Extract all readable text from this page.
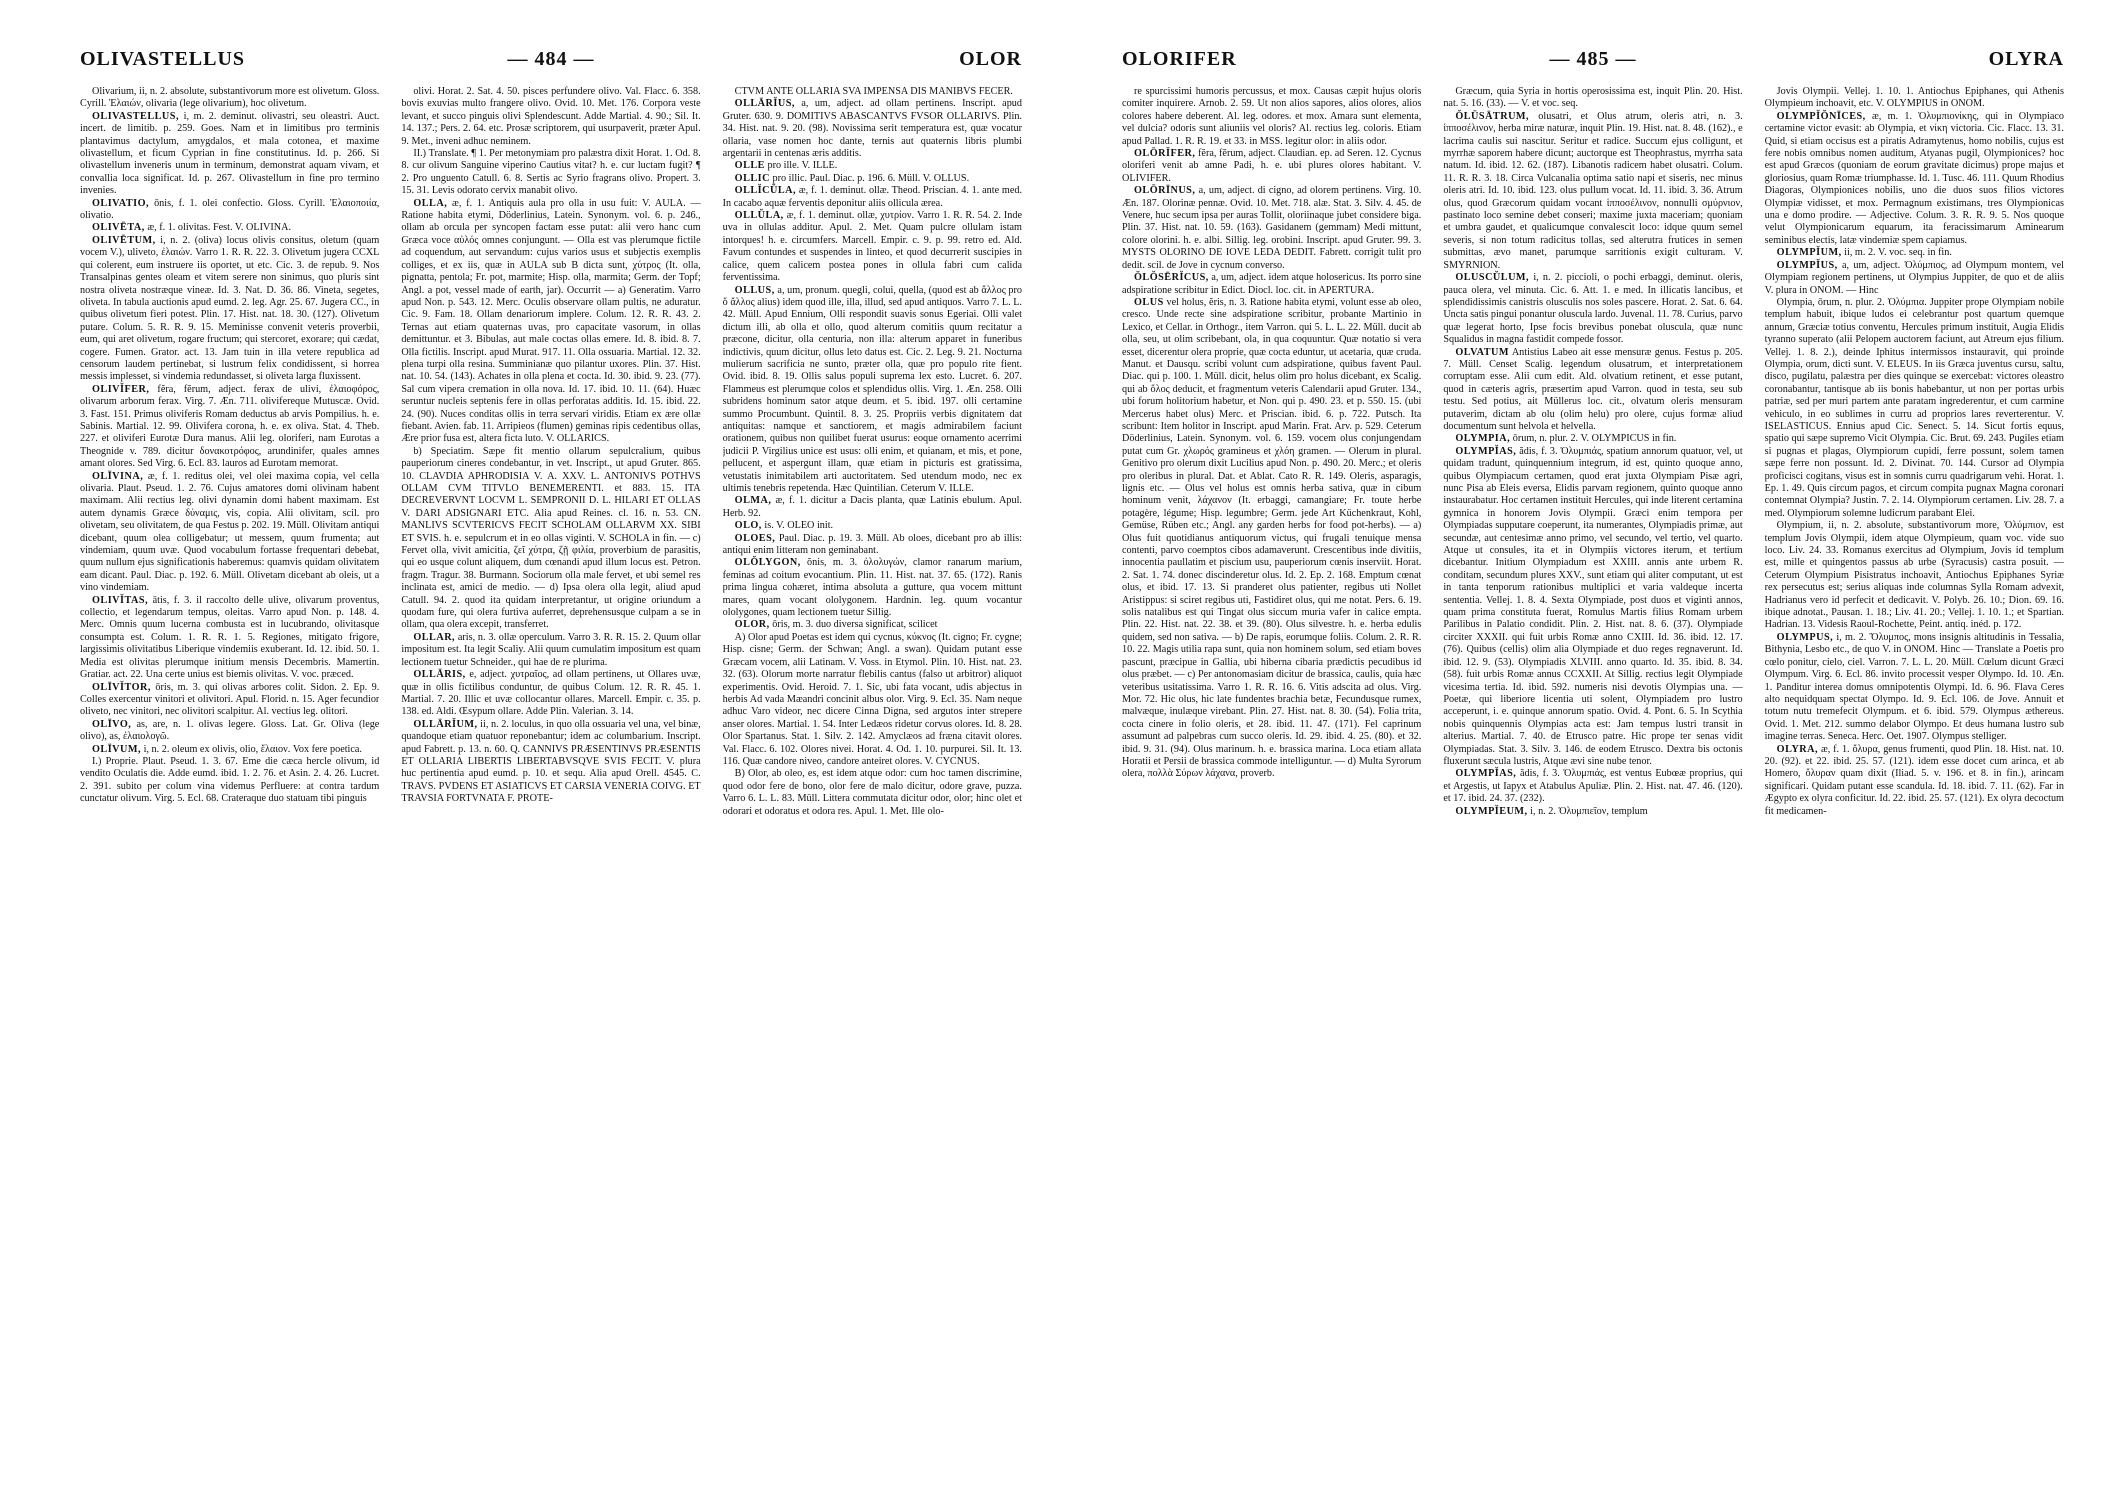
OLIVASTELLUS	— 484 —	OLOR

Olivarium, ii, n. 2. absolute, substantivorum more est olivetum. Gloss. Cyrill. Ἐλαιών, olivaria (lege olivarium), hoc olivetum.

OLIVASTELLUS, i, m. 2. deminut. olivastri, seu oleastri. Auct. incert. de limitib. p. 259. Goes. Nam et in limitibus pro terminis plantavimus dactylum, amygdalos, et mala cotonea, et maxime olivastellum, et ficum Cyprian in fine constitutinus. Id. p. 266. Si olivastellum inveneris unum in terminum, demonstrat aquam vivam, et convallia loca significat. Id. p. 267. Olivastellum in fine pro termino invenies.

OLIVATIO, ōnis, f. 1. olei confectio. Gloss. Cyrill. Ἐλαιοποιία, olivatio.

OLIVĒTA, æ, f. 1. olivitas. Fest. V. OLIVINA.

OLIVĒTUM, i, n. 2. (oliva) locus olivis consitus, oletum (quam vocem V.), uliveto, ἐλαιών. Varro 1. R. R. 22. 3. Olivetum jugera CCXL qui colerent, eum instruere iis oportet, ut etc. Cic. 3. de repub. 9. Nos Transalpinas gentes oleam et vitem serere non sinimus, quo pluris sint nostra oliveta nostræque vineæ. Id. 3. Nat. D. 36. 86. Vineta, segetes, oliveta. In tabula auctionis apud eumd. 2. leg. Agr. 25. 67. Jugera CC., in quibus olivetum fieri potest. Plin. 17. Hist. nat. 18. 30. (127). Olivetum putare. Colum. 5. R. R. 9. 15. Meminisse convenit veteris proverbii, eum, qui aret olivetum, rogare fructum; qui stercoret, exorare; qui cædat, cogere. Fumen. Grator. act. 13. Jam tuin in illa vetere republica ad censorum laudem pertinebat, si lustrum felix condidissent, si horrea messis implesset, si vindemia redundasset, si oliveta larga fluxissent.

OLIVĬFER, fĕra, fĕrum, adject. ferax de ulivi, ἐλαιοφόρος, olivarum arborum ferax. Virg. 7. Æn. 711. olivifereque Mutuscæ. Ovid. 3. Fast. 151. Primus oliviferis Romam deductus ab arvis Pompilius. h. e. Sabinis. Martial. 12. 99. Olivifera corona, h. e. ex oliva. Stat. 4. Theb. 227. et oliviferi Eurotæ Dura manus. Alii leg. oloriferi, nam Eurotas a Theognide v. 789. dicitur δονακοτρόφος, arundinifer, quales amnes amant olores. Sed Virg. 6. Ecl. 83. lauros ad Eurotam memorat.

OLĪVINA, æ, f. 1. reditus olei, vel olei maxima copia, vel cella olivaria. Plaut. Pseud. 1. 2. 76. Cujus amatores domi olivinam habent maximam. Alii rectius leg. olivi dynamin domi habent maximam. Est autem dynamis Græce δύναμις, vis, copia. Alii olivitam, scil. pro olivetam, seu olivitatem, de qua Festus p. 202. 19. Müll. Olivitam antiqui dicebant, quum olea colligebatur; ut messem, quum frumenta; aut vindemiam, quum uvæ. Quod vocabulum fortasse frequentari debebat, quum nullum ejus significationis haberemus: quamvis quidam olivitatem eam dicant. Paul. Diac. p. 192. 6. Müll. Olivetam dicebant ab oleis, ut a vino vindemiam.

OLIVĬTAS, ātis, f. 3. il raccolto delle ulive, olivarum proventus, collectio, et legendarum tempus, oleitas. Varro apud Non. p. 148. 4. Merc. Omnis quum lucerna combusta est in lucubrando, olivitasque consumpta est. Colum. 1. R. R. 1. 5. Regiones, mitigato frigore, largissimis olivitatibus Liberique vindemiis exuberant. Id. 12. ibid. 50. 1. Media est olivitas plerumque initium mensis Decembris. Mamertin. Gratiar. act. 22. Una certe unius est biemis olivitas. V. voc. præced.

OLĪVĬTOR, ōris, m. 3. qui olivas arbores colit. Sidon. 2. Ep. 9. Colles exercentur vinitori et olivitori. Apul. Florid. n. 15. Ager fecundior oliveto, nec vinitori, nec olivitori scalpitur. Al. vectius leg. olitori.

OLĪVO, as, are, n. 1. olivas legere. Gloss. Lat. Gr. Oliva (lege olivo), as, ἐλαιολογῶ.

OLĪVUM, i, n. 2. oleum ex olivis, olio, ἔλαιον. Vox fere poetica.

I.) Proprie. Plaut. Pseud. 1. 3. 67. Eme die cæca hercle olivum, id vendito Oculatis die. Adde eumd. ibid. 1. 2. 76. et Asin. 2. 4. 26. Lucret. 2. 391. subito per colum vina videmus Perfluere: at contra tardum cunctatur olivum. Virg. 5. Ecl. 68. Crateraque duo statuam tibi pinguis

olivi. Horat. 2. Sat. 4. 50. pisces perfundere olivo. Val. Flacc. 6. 358. bovis exuvias multo frangere olivo. Ovid. 10. Met. 176. Corpora veste levant, et succo pinguis olivi Splendescunt. Adde Martial. 4. 90.; Sil. It. 14. 137.; Pers. 2. 64. etc. Prosæ scriptorem, qui usurpaverit, præter Apul. 9. Met., inveni adhuc neminem.

II.) Translate. ¶ 1. Per metonymiam pro palæstra dixit Horat. 1. Od. 8. 8. cur olivum Sanguine viperino Cautius vitat? h. e. cur luctam fugit? ¶ 2. Pro unguento Catull. 6. 8. Sertis ac Syrio fragrans olivo. Propert. 3. 15. 31. Levis odorato cervix manabit olivo.

OLLA, æ, f. 1. Antiquis aula pro olla in usu fuit: V. AULA. — Ratione habita etymi, Döderlinius, Latein. Synonym. vol. 6. p. 246., ollam ab orcula per syncopen factam esse putat: alii vero hanc cum Græca voce αὐλός omnes conjungunt. — Olla est vas plerumque fictile ad coquendum, aut servandum: cujus varios usus et subjectis exemplis colliges, et ex iis, quæ in AULA sub B dicta sunt, χύτρος (It. olla, pignatta, pentola; Fr. pot, marmite; Hisp. olla, marmita; Germ. der Topf; Angl. a pot, vessel made of earth, jar). Occurrit — a) Generatim. Varro apud Non. p. 543. 12. Merc. Oculis observare ollam pultis, ne aduratur. Cic. 9. Fam. 18. Ollam denariorum implere. Colum. 12. R. R. 43. 2. Ternas aut etiam quaternas uvas, pro capacitate vasorum, in ollas demittuntur. et 3. Bibulas, aut male coctas ollas emere. Id. 8. ibid. 8. 7. Olla fictilis. Inscript. apud Murat. 917. 11. Olla ossuaria. Martial. 12. 32. plena turpi olla resina. Summinianæ quo pilantur uxores. Plin. 37. Hist. nat. 10. 54. (143). Achates in olla plena et cocta. Id. 30. ibid. 9. 23. (77). Sal cum vipera cremation in olla nova. Id. 17. ibid. 10. 11. (64). Huæc seruntur nucleis septenis fere in ollas perforatas additis. Id. 15. ibid. 22. 24. (90). Nuces conditas ollis in terra servari viridis. Etiam ex ære ollæ fiebant. Avien. fab. 11. Arripieos (flumen) geminas ripis cedentibus ollas, Ære prior fusa est, altera ficta luto. V. OLLARICS.

b) Speciatim. Sæpe fit mentio ollarum sepulcralium, quibus pauperiorum cineres condebantur, in vet. Inscript., ut apud Gruter. 865. 10. CLAVDIA APHRODISIA V. A. XXV. L. ANTONIVS POTHVS OLLAM CVM TITVLO BENEMERENTI. et 883. 15. ITA DECREVERVNT LOCVM L. SEMPRONII D. L. HILARI ET OLLAS V. DARI ADSIGNARI ETC. Alia apud Reines. cl. 16. n. 53. CN. MANLIVS SCVTERICVS FECIT SCHOLAM OLLARVM XX. SIBI ET SVIS. h. e. sepulcrum et in eo ollas viginti. V. SCHOLA in fin. — c) Fervet olla, vivit amicitia, ζεῖ χύτρα, ζῇ φιλία, proverbium de parasitis, qui eo usque colunt aliquem, dum cœnandi apud illum locus est. Petron. fragm. Tragur. 38. Burmann. Sociorum olla male fervet, et ubi semel res inclinata est, amici de medio. — d) Ipsa olera olla legit, aliud apud Catull. 94. 2. quod ita quidam interpretantur, ut origine oriundum a quodam fure, qui olera furtiva auferret, deprehensusque culpam a se in ollam, qua olera excepit, transferret.

OLLAR, aris, n. 3. ollæ operculum. Varro 3. R. R. 15. 2. Quum ollar impositum est. Ita legit Scaliy. Alii quum cumulatim impositum est quam lectionem tuetur Schneider., qui hae de re plurima.

OLLĀRIS, e, adject. χυτραῖος, ad ollam pertinens, ut Ollares uvæ, quæ in ollis fictilibus conduntur, de quibus Colum. 12. R. R. 45. 1. Martial. 7. 20. Illic et uvæ collocantur ollares. Marcell. Empir. c. 35. p. 138. ed. Aldi. Œsypum ollare. Adde Plin. Valerian. 3. 14.

OLLĀRĬUM, ii, n. 2. loculus, in quo olla ossuaria vel una, vel binæ, quandoque etiam quatuor reponebantur; idem ac columbarium. Inscript. apud Fabrett. p. 13. n. 60. Q. CANNIVS PRÆSENTINVS PRÆSENTIS ET OLLARIA LIBERTIS LIBERTABVSQVE SVIS FECIT. V. plura huc pertinentia apud eumd. p. 10. et sequ. Alia apud Orell. 4545. C. TRAVS. PVDENS ET ASIATICVS ET CARSIA VENERIA COIVG. ET TRAVSIA FORTVNATA F. PROTE-

CTVM ANTE OLLARIA SVA IMPENSA DIS MANIBVS FECER.

OLLĀRĬUS, a, um, adject. ad ollam pertinens. Inscript. apud Gruter. 630. 9. DOMITIVS ABASCANTVS FVSOR OLLARIVS. Plin. 34. Hist. nat. 9. 20. (98). Novissima serit temperatura est, quæ vocatur ollaria, vase nomen hoc dante, ternis aut quaternis libris plumbi argentarii in centenas æris additis.

OLLE pro ille. V. ILLE.

OLLIC pro illic. Paul. Diac. p. 196. 6. Müll. V. OLLUS.

OLLĬCŬLA, æ, f. 1. deminut. ollæ. Theod. Priscian. 4. 1. ante med. In cacabo aquæ ferventis deponitur aliis ollicula ærea.

OLLŬLA, æ, f. 1. deminut. ollæ, χυτρίον. Varro 1. R. R. 54. 2. Inde uva in ollulas additur. Apul. 2. Met. Quam pulcre ollulam istam intorques! h. e. circumfers. Marcell. Empir. c. 9. p. 99. retro ed. Ald. Favum contundes et suspendes in linteo, et quod decurrerit suscipies in calice, quem calicem postea pones in ollula fabri cum calida ferventissima.

OLLUS, a, um, pronum. quegli, colui, quella, (quod est ab ἄλλος pro ὅ ἄλλος alius) idem quod ille, illa, illud, sed apud antiquos. Varro 7. L. L. 42. Müll. Apud Ennium, Olli respondit suavis sonus Egeriai. Olli valet dictum illi, ab olla et ollo, quod alterum comitiis quum recitatur a præcone, dicitur, olla centuria, non illa: alterum apparet in funeribus indictivis, quum dicitur, ollus leto datus est. Cic. 2. Leg. 9. 21. Nocturna mulierum sacrificia ne sunto, præter olla, quæ pro populo rite fient. Ovid. ibid. 8. 19. Ollis salus populi suprema lex esto. Lucret. 6. 207. Flammeus est plerumque colos et splendidus ollis. Virg. 1. Æn. 258. Olli subridens hominum sator atque deum. et 5. ibid. 197. olli certamine summo Procumbunt. Quintil. 8. 3. 25. Propriis verbis dignitatem dat antiquitas: namque et sanctiorem, et magis admirabilem faciunt orationem, quibus non quilibet fuerat usurus: eoque ornamento acerrimi judicii P. Virgilius unice est usus: olli enim, et quianam, et mis, et pone, pellucent, et aspergunt illam, quæ etiam in picturis est gratissima, vetustatis inimitabilem arti auctoritatem. Sed utendum modo, nec ex ultimis tenebris repetenda. Hæc Quintilian. Ceterum V. ILLE.

OLMA, æ, f. 1. dicitur a Dacis planta, quæ Latinis ebulum. Apul. Herb. 92.

OLO, is. V. OLEO init.

OLOES, Paul. Diac. p. 19. 3. Müll. Ab oloes, dicebant pro ab illis: antiqui enim litteram non geminabant.

OLŎLYGON, ŏnis, m. 3. ὀλολυγών, clamor ranarum marium, feminas ad coitum evocantium. Plin. 11. Hist. nat. 37. 65. (172). Ranis prima lingua cohæret, intima absoluta a gutture, qua vocem mittunt mares, quam vocant ololygonem. Hardnin. leg. quum vocantur ololygones, quam lectionem tuetur Sillig.

OLOR, ōris, m. 3. duo diversa significat, scilicet

A) Olor apud Poetas est idem qui cycnus, κύκνος (It. cigno; Fr. cygne; Hisp. cisne; Germ. der Schwan; Angl. a swan). Quidam putant esse Græcam vocem, alii Latinam. V. Voss. in Etymol. Plin. 10. Hist. nat. 23. 32. (63). Olorum morte narratur flebilis cantus (falso ut arbitror) aliquot experimentis. Ovid. Heroid. 7. 1. Sic, ubi fata vocant, udis abjectus in herbis Ad vada Mæandri concinit albus olor. Virg. 9. Ecl. 35. Nam neque adhuc Varo videor, nec dicere Cinna Digna, sed argutos inter strepere anser olores. Martial. 1. 54. Inter Ledæos ridetur corvus olores. Id. 8. 28. Olor Spartanus. Stat. 1. Silv. 2. 142. Amyclæos ad fræna citavit olores. Val. Flacc. 6. 102. Olores nivei. Horat. 4. Od. 1. 10. purpurei. Sil. It. 13. 116. Quæ candore niveo, candore anteiret olores. V. CYCNUS.

B) Olor, ab oleo, es, est idem atque odor: cum hoc tamen discrimine, quod odor fere de bono, olor fere de malo dicitur, odore grave, puzza. Varro 6. L. L. 83. Müll. Littera commutata dicitur odor, olor; hinc olet et odorari et odoratus et odora res. Apul. 1. Met. Ille olo-

OLORIFER	— 485 —	OLYRA

re spurcissimi humoris percussus, et mox. Causas cæpit hujus oloris comiter inquirere. Arnob. 2. 59. Ut non alios sapores, alios olores, alios colores habere deberent. Al. leg. odores. et mox. Amara sunt elementa, vel dulcia? odoris sunt aliuniis vel oloris? Al. rectius leg. coloris. Etiam apud Pallad. 1. R. R. 19. et 33. in MSS. legitur olor: in aliis odor.

OLŌRĬFER, fĕra, fĕrum, adject. Claudian. ep. ad Seren. 12. Cycnus oloriferi venit ab amne Padi, h. e. ubi plures olores habitant. V. OLIVIFER.

OLŌRĪNUS, a, um, adject. di cigno, ad olorem pertinens. Virg. 10. Æn. 187. Olorinæ pennæ. Ovid. 10. Met. 718. alæ. Stat. 3. Silv. 4. 45. de Venere, huc secum ipsa per auras Tollit, oloriinaque jubet considere biga. Plin. 37. Hist. nat. 10. 59. (163). Gasidanem (gemmam) Medi mittunt, colore olorini. h. e. albi. Sillig. leg. orobini. Inscript. apud Gruter. 99. 3. MYSTS OLORINO DE IOVE LEDA DEDIT. Fabrett. corrigit tulit pro dedit. scil. de Jove in cycnum converso.

ŎLŎSĒRĬCUS, a, um, adject. idem atque holosericus. Its porro sine adspiratione scribitur in Edict. Diocl. loc. cit. in APERTURA.

OLUS vel holus, ĕris, n. 3. Ratione habita etymi, volunt esse ab oleo, cresco. Unde recte sine adspiratione scribitur, probante Martinio in Lexico, et Cellar. in Orthogr., item Varron. qui 5. L. L. 22. Müll. ducit ab olla, seu, ut olim scribebant, ola, in qua coquuntur. Quæ notatio si vera esset, dicerentur olera proprie, quæ cocta eduntur, ut acetaria, quæ cruda. Manut. et Dausqu. scribi volunt cum adspiratione, quibus favent Paul. Diac. qui p. 100. 1. Müll. dicit, helus olim pro holus dicebant, ex Scalig. qui ab ὅλος deducit, et fragmentum veteris Calendarii apud Gruter. 134., ubi forum holitorium habetur, et Non. qui p. 490. 23. et p. 550. 15. (ubi Mercerus habet olus) Merc. et Priscian. ibid. 6. p. 722. Putsch. Ita scribunt: Item holitor in Inscript. apud Marin. Frat. Arv. p. 529. Ceterum Döderlinius, Latein. Synonym. vol. 6. 159. vocem olus conjungendam putat cum Gr. χλωρός gramineus et χλόη gramen. — Olerum in plural. Genitivo pro olerum dixit Lucilius apud Non. p. 490. 20. Merc.; et oleris pro oleribus in plural. Dat. et Ablat. Cato R. R. 149. Oleris, asparagis, lignis etc. — Olus vel holus est omnis herba sativa, quæ in cibum hominum venit, λάχανον (It. erbaggi, camangiare; Fr. toute herbe potagère, légume; Hisp. legumbre; Germ. jede Art Küchenkraut, Kohl, Gemüse, Rüben etc.; Angl. any garden herbs for food pot-herbs). — a) Olus fuit quotidianus antiquorum victus, qui frugali tenuique mensa contenti, parvo coemptos cibos adamaverunt. Crescentibus inde divitiis, innocentia paullatim et piscium usu, pauperiorum cœnis inserviit. Horat. 2. Sat. 1. 74. donec discinderetur olus. Id. 2. Ep. 2. 168. Emptum cœnat olus, et ibid. 17. 13. Si pranderet olus patienter, regibus uti Nollet Aristippus: si sciret regibus uti, Fastidiret olus, qui me notat. Pers. 6. 19. solis natalibus est qui Tingat olus siccum muria vafer in calice empta. Plin. 22. Hist. nat. 22. 38. et 39. (80). Olus silvestre. h. e. herba edulis quidem, sed non sativa. — b) De rapis, eorumque foliis. Colum. 2. R. R. 10. 22. Magis utilia rapa sunt, quia non hominem solum, sed etiam boves pascunt, præcipue in Gallia, ubi hiberna cibaria prædictis pecudibus id olus præbet. — c) Per antonomasiam dicitur de brassica, caulis, quia hæc veteribus usitatissima. Varro 1. R. R. 16. 6. Vitis adscita ad olus. Virg. Mor. 72. Hic olus, hic late fundentes brachia betæ, Fecundusque rumex, malvæque, inulæque virebant. Plin. 27. Hist. nat. 8. 30. (54). Folia trita, cocta cinere in folio oleris, et 28. ibid. 11. 47. (171). Fel caprinum assumunt ad palpebras cum succo oleris. Id. 29. ibid. 4. 25. (80). et 32. ibid. 9. 31. (94). Olus marinum. h. e. brassica marina. Loca etiam allata Horatii et Persii de brassica commode intelliguntur. — d) Multa Syrorum olera, πολλὰ Σύρων λάχανα, proverb.

Græcum, quia Syria in hortis operosissima est, inquit Plin. 20. Hist. nat. 5. 16. (33). — V. et voc. seq.

ŎLŪSĀTRUM, olusatri, et Olus atrum, oleris atri, n. 3. ἱπποσέλινον, herba miræ naturæ, inquit Plin. 19. Hist. nat. 8. 48. (162)., e lacrima caulis sui nascitur. Seritur et radice. Succum ejus colligunt, et myrrhæ saporem habere dicunt; auctorque est Theophrastus, myrrha sata natum. Id. ibid. 12. 62. (187). Libanotis radicem habet olusatri. Colum. 11. R. R. 3. 18. Circa Vulcanalia optima satio napi et siseris, nec minus oleris atri. Id. 10. ibid. 123. olus pullum vocat. Id. 11. ibid. 3. 36. Atrum olus, quod Græcorum quidam vocant ἱπποσέλινον, nonnulli σμύρνιον, pastinato loco semine debet conseri; maxime juxta maceriam; quoniam et umbra gaudet, et qualicumque convalescit loco: idque quum semel severis, si non totum radicitus tollas, sed alterutra frutices in semen submittas, ævo manet, parumque sarritionis exigit culturam. V. SMYRNION.

OLUSCŬLUM, i, n. 2. piccioli, o pochi erbaggi, deminut. oleris, pauca olera, vel minuta. Cic. 6. Att. 1. e med. In illicatis lancibus, et splendidissimis canistris olusculis nos soles pascere. Horat. 2. Sat. 6. 64. Uncta satis pingui ponantur oluscula lardo. Juvenal. 11. 78. Curius, parvo quæ legerat horto, Ipse focis brevibus ponebat oluscula, quæ nunc Squalidus in magna fastidit compede fossor.

OLVATUM Antistius Labeo ait esse mensuræ genus. Festus p. 205. 7. Müll. Censet Scalig. legendum olusatrum, et interpretationem corruptam esse. Alii cum edit. Ald. olvatium retinent, et esse putant, quod in cæteris agris, præsertim apud Varron. quod in testa, seu sub testu. Sed potius, ait Müllerus loc. cit., olvatum oleris mensuram putaverim, dictam ab olu (olim helu) pro olere, cujus formæ aliud documentum sunt helvola et helvella.

OLYMPIA, ōrum, n. plur. 2. V. OLYMPICUS in fin.

OLYMPĬAS, ădis, f. 3. Ὀλυμπιάς, spatium annorum quatuor, vel, ut quidam tradunt, quinquennium integrum, id est, quinto quoque anno, quibus Olympiacum certamen, quod erat juxta Olympiam Pisæ agri, nunc Pisa ab Eleis eversa, Elidis parvam regionem, quinto quoque anno instaurabatur. Hoc certamen instituit Hercules, qui inde literent certamina gymnica in honorem Jovis Olympii. Græci enim tempora per Olympiadas supputare coeperunt, ita numerantes, Olympiadis primæ, aut secundæ, aut centesimæ anno primo, vel secundo, vel tertio, vel quarto. Atque ut consules, ita et in Olympiis victores iterum, et tertium dicebantur. Initium Olympiadum est XXIII. annis ante urbem R. conditam, secundum plures XXV., sunt etiam qui aliter computant, ut est in tanta tenporum rationibus multiplici et varia valdeque incerta sententia. Vellej. 1. 8. 4. Sexta Olympiade, post duos et viginti annos, quam prima constituta fuerat, Romulus Martis filius Romam urbem Parilibus in Palatio condidit. Plin. 2. Hist. nat. 8. 6. (37). Olympiade circiter XXXII. qui fuit urbis Romæ anno CXIII. Id. 36. ibid. 12. 17. (76). Quibus (cellis) olim alia Olympiade et duo reges regnaverunt. Id. ibid. 12. 9. (53). Olympiadis XLVIII. anno quarto. Id. 35. ibid. 8. 34. (58). fuit urbis Romæ annus CCXXII. At Sillig. rectius legit Olympiade vicesima tertia. Id. ibid. 592. numeris nisi devotis Olympias una. — Poetæ, qui liberiore licentia uti solent, Olympiadem pro lustro acceperunt, i. e. quinque annorum spatio. Ovid. 4. Pont. 6. 5. In Scythia nobis quinquennis Olympias acta est: Jam tempus lustri transit in alterius. Martial. 7. 40. de Etrusco patre. Hic prope ter senas vidit Olympiadas. Stat. 3. Silv. 3. 146. de eodem Etrusco. Dextra bis octonis fluxerunt sæcula lustris, Atque ævi sine nube tenor.

OLYMPĬAS, ădis, f. 3. Ὀλυμπιάς, est ventus Eubœæ proprius, qui et Argestis, ut Iapyx et Atabulus Apuliæ. Plin. 2. Hist. nat. 47. 46. (120). et 17. ibid. 24. 37. (232).

OLYMPĬEUM, i, n. 2. Ὀλυμπιεῖον, templum

Jovis Olympii. Vellej. 1. 10. 1. Antiochus Epiphanes, qui Athenis Olympieum inchoavit, etc. V. OLYMPIUS in ONOM.

OLYMPĬŎNĪCES, æ, m. 1. Ὀλυμπιονίκης, qui in Olympiaco certamine victor evasit: ab Olympia, et νίκη victoria. Cic. Flacc. 13. 31. Quid, si etiam occisus est a piratis Adramytenus, homo nobilis, cujus est fere nobis omnibus nomen auditum, Atyanas pugil, Olympionices? hoc est apud Græcos (quoniam de eorum gravitate dicimus) prope majus et gloriosius, quam Romæ triumphasse. Id. 1. Tusc. 46. 111. Quum Rhodius Diagoras, Olympionices nobilis, uno die duos suos filios victores Olympiæ vidisset, et mox. Permagnum existimans, tres Olympionicas una e domo prodire. — Adjective. Colum. 3. R. R. 9. 5. Nos quoque velut Olympionicarum equarum, ita feracissimarum Aminearum seminibus electis, latæ vindemiæ spem capiamus.

OLYMPĬUM, ii, m. 2. V. voc. seq. in fin.

OLYMPĬUS, a, um, adject. Ὀλύμπιος, ad Olympum montem, vel Olympiam regionem pertinens, ut Olympius Juppiter, de quo et de aliis V. plura in ONOM. — Hinc

Olympia, ōrum, n. plur. 2. Ὀλύμπια. Juppiter prope Olympiam nobile templum habuit, ibique ludos ei celebrantur post quartum quemque annum, Græciæ totius conventu, Hercules primum instituit, Augia Elidis tyranno superato (alii Pelopem auctorem faciunt, aut Atreum ejus filium. Vellej. 1. 8. 2.), deinde Iphitus intermissos instauravit, qui proinde Olympia, orum, dicti sunt. V. ELEUS. In iis Græca juventus cursu, saltu, disco, pugilatu, palæstra per dies quinque se exercebat: victores oleastro coronabantur, tantisque ab iis bonis habebantur, ut non per portas urbis patriæ, sed per muri partem ante paratam ingrederentur, et cum carmine vehiculo, in eo sublimes in curru ad proprios lares reverterentur. V. ISELASTICUS. Ennius apud Cic. Senect. 5. 14. Sicut fortis equus, spatio qui sæpe supremo Vicit Olympia. Cic. Brut. 69. 243. Pugiles etiam si pugnas et plagas, Olympiorum cupidi, ferre possunt, solem tamen sæpe ferre non possunt. Id. 2. Divinat. 70. 144. Cursor ad Olympia proficisci cogitans, visus est in somnis curru quadrigarum vehi. Horat. 1. Ep. 1. 49. Quis circum pagos, et circum compita pugnax Magna coronari contemnat Olympia? Justin. 7. 2. 14. Olympiorum certamen. Liv. 28. 7. a med. Olympiorum solemne ludicrum parabant Elei.

Olympium, ii, n. 2. absolute, substantivorum more, Ὀλύμπιον, est templum Jovis Olympii, idem atque Olympieum, quam voc. vide suo loco. Liv. 24. 33. Romanus exercitus ad Olympium, Jovis id templum est, mille et quingentos passus ab urbe (Syracusis) castra posuit. — Ceterum Olympium Pisistratus inchoavit, Antiochus Epiphanes Syriæ rex persecutus est; serius aliquas inde columnas Sylla Romam advexit, Hadrianus vero id perfecit et dedicavit. V. Polyb. 26. 10.; Dion. 69. 16. ibique adnotat., Pausan. 1. 18.; Liv. 41. 20.; Vellej. 1. 10. 1.; et Spartian. Hadrian. 13. Videsis Raoul-Rochette, Peint. antiq. inéd. p. 172.

OLYMPUS, i, m. 2. Ὄλυμπος, mons insignis altitudinis in Tessalia, Bithynia, Lesbo etc., de quo V. in ONOM. Hinc — Translate a Poetis pro cœlo ponitur, cielo, ciel. Varron. 7. L. L. 20. Müll. Cœlum dicunt Græci Olympum. Virg. 6. Ecl. 86. invito processit vesper Olympo. Id. 10. Æn. 1. Panditur interea domus omnipotentis Olympi. Id. 6. 96. Flava Ceres alto nequidquam spectat Olympo. Id. 9. Ecl. 106. de Jove. Annuit et totum nutu tremefecit Olympum. et 6. ibid. 579. Olympus æthereus. Ovid. 1. Met. 212. summo delabor Olympo. Et deus humana lustro sub imagine terras. Seneca. Herc. Oet. 1907. Olympus stelliger.

OLYRA, æ, f. 1. ὄλυρα, genus frumenti, quod Plin. 18. Hist. nat. 10. 20. (92). et 22. ibid. 25. 57. (121). idem esse docet cum arinca, et ab Homero, ὄλυραν quam dixit (Iliad. 5. v. 196. et 8. in fin.), arincam significari. Quidam putant esse scandula. Id. 18. ibid. 7. 11. (62). Far in Ægypto ex olyra conficitur. Id. 22. ibid. 25. 57. (121). Ex olyra decoctum fit medicamen-
